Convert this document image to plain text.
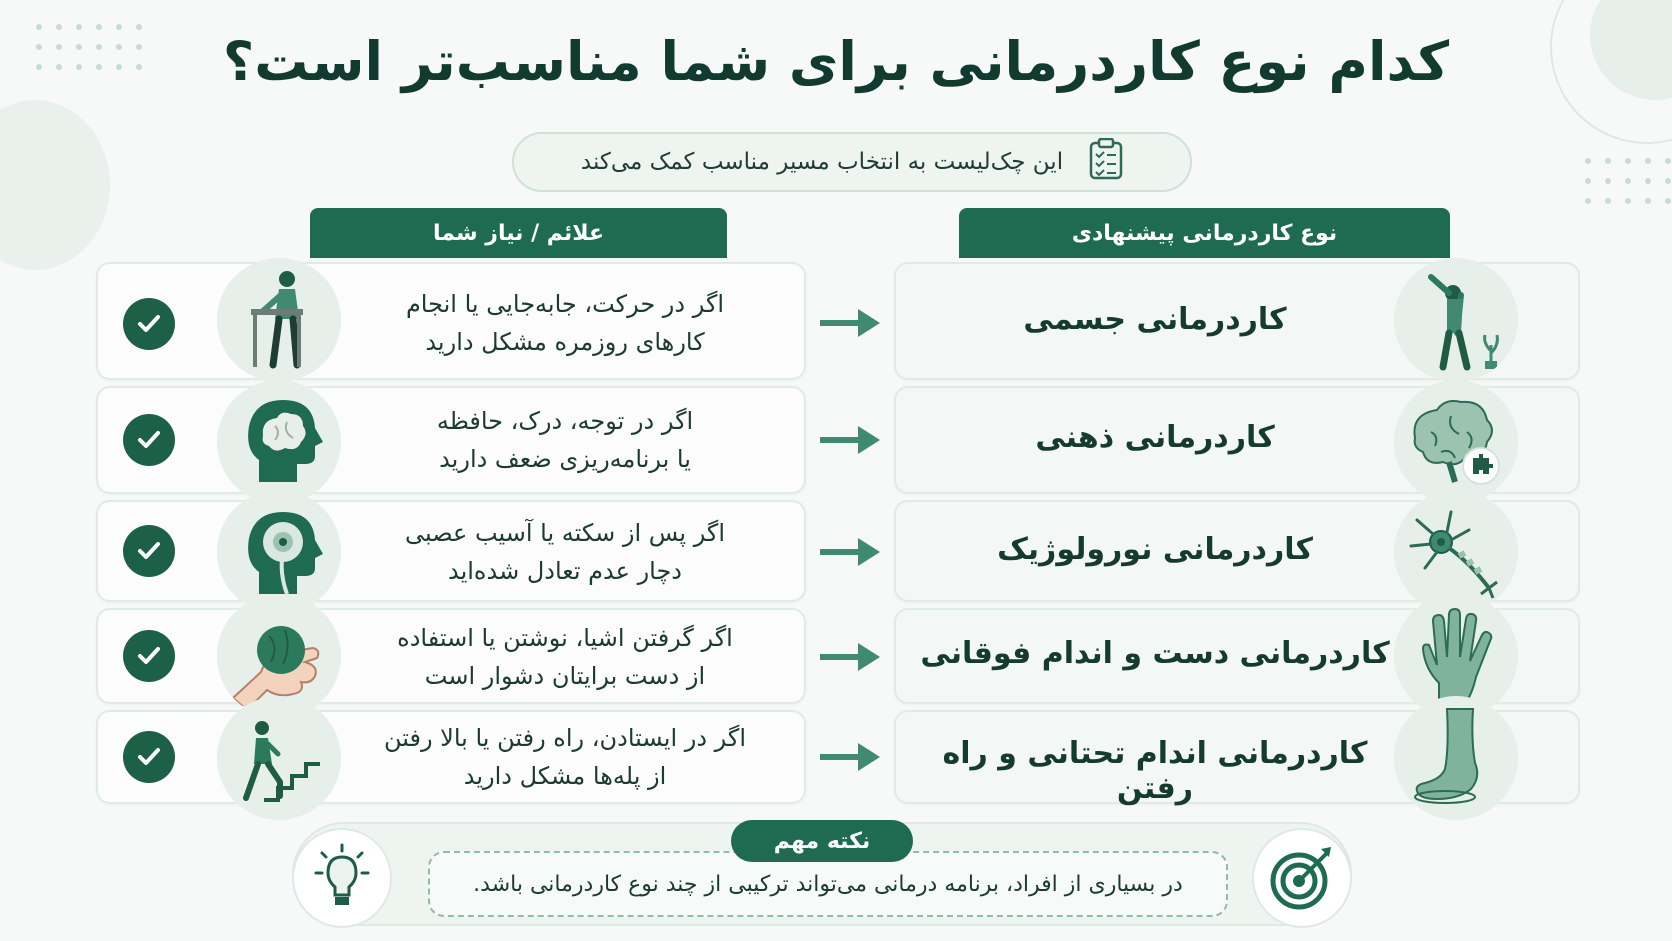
کدام نوع کاردرمانی برای شما مناسب‌تر است؟
این چک‌لیست به انتخاب مسیر مناسب کمک می‌کند
علائم / نیاز شما	نوع کاردرمانی پیشنهادی
اگر در حرکت، جابه‌جایی یا انجام
کارهای روزمره مشکل دارید
کاردرمانی جسمی
اگر در توجه، درک، حافظه
یا برنامه‌ریزی ضعف دارید
کاردرمانی ذهنی
اگر پس از سکته یا آسیب عصبی
دچار عدم تعادل شده‌اید
کاردرمانی نورولوژیک
اگر گرفتن اشیا، نوشتن یا استفاده
از دست برایتان دشوار است
کاردرمانی دست و اندام فوقانی
اگر در ایستادن، راه رفتن یا بالا رفتن
از پله‌ها مشکل دارید
کاردرمانی اندام تحتانی و راه رفتن
در بسیاری از افراد، برنامه درمانی می‌تواند ترکیبی از چند نوع کاردرمانی باشد.
نکته مهم
